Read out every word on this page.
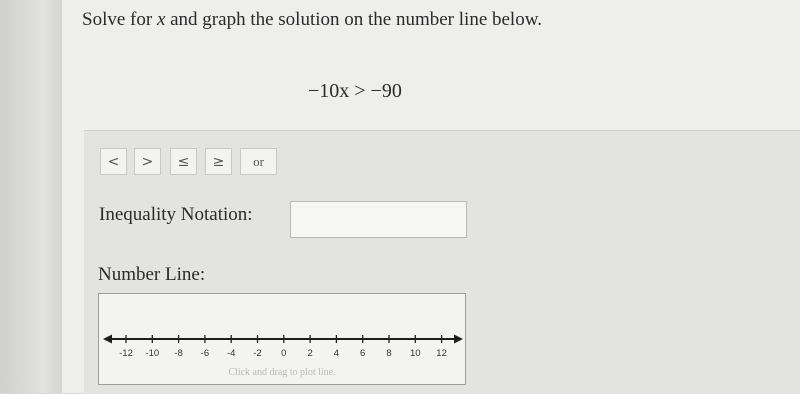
Solve for x and graph the solution on the number line below.
−10x > −90
<	>	≤	≥	or
Inequality Notation:
Number Line:
-12 -10 -8 -6 -4 -2 0 2 4 6 8 10 12
Click and drag to plot line.
